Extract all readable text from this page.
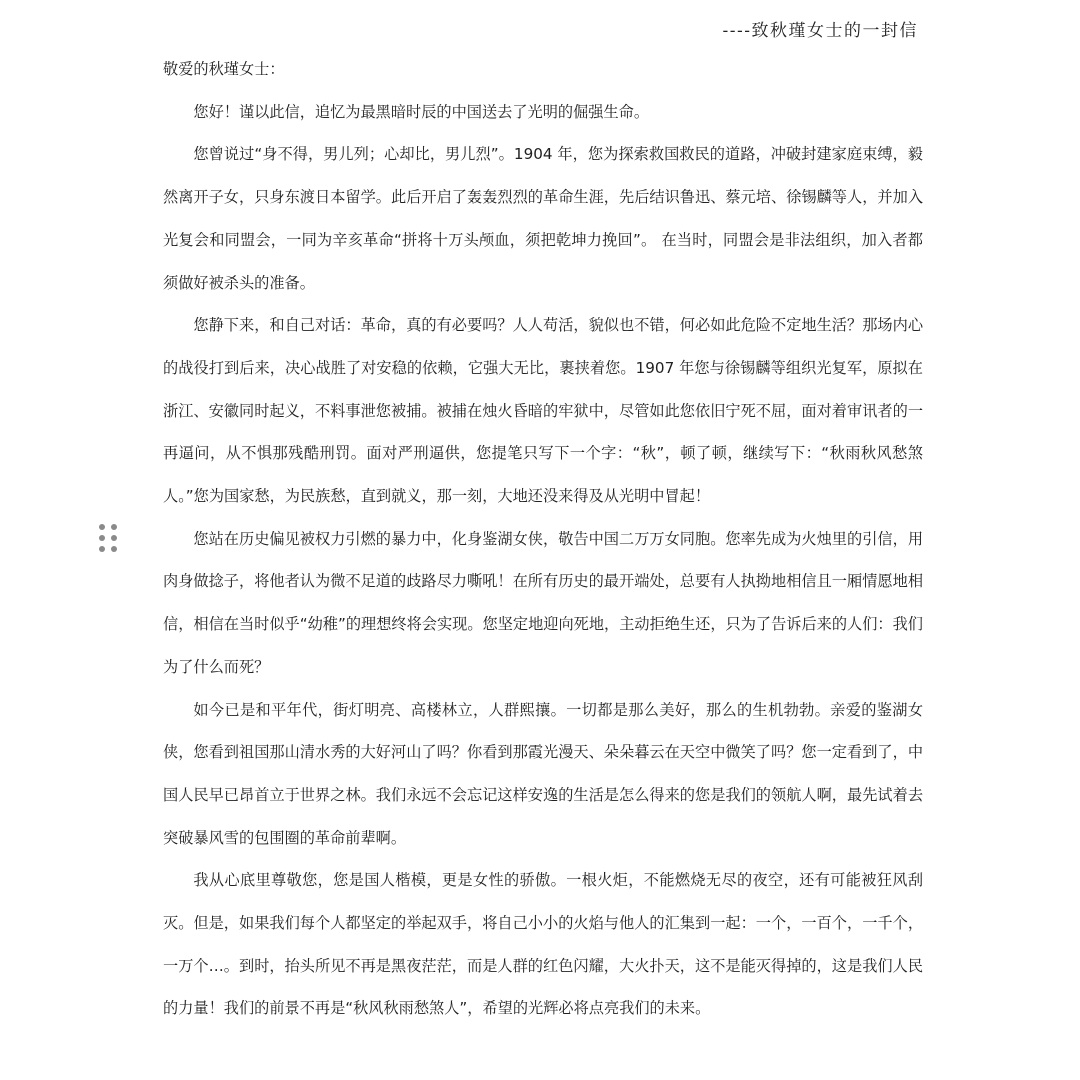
----致秋瑾女士的一封信

敬爱的秋瑾女士：

您好！谨以此信，追忆为最黑暗时辰的中国送去了光明的倔强生命。

您曾说过“身不得，男儿列；心却比，男儿烈”。1904 年，您为探索救国救民的道路，冲破封建家庭束缚，毅然离开子女，只身东渡日本留学。此后开启了轰轰烈烈的革命生涯，先后结识鲁迅、蔡元培、徐锡麟等人，并加入光复会和同盟会，一同为辛亥革命“拼将十万头颅血，须把乾坤力挽回”。 在当时，同盟会是非法组织，加入者都须做好被杀头的准备。

您静下来，和自己对话：革命，真的有必要吗？人人苟活，貌似也不错，何必如此危险不定地生活？那场内心的战役打到后来，决心战胜了对安稳的依赖，它强大无比，裹挟着您。1907 年您与徐锡麟等组织光复军，原拟在浙江、安徽同时起义，不料事泄您被捕。被捕在烛火昏暗的牢狱中，尽管如此您依旧宁死不屈，面对着审讯者的一再逼问，从不惧那残酷刑罚。面对严刑逼供，您提笔只写下一个字：“秋”，顿了顿，继续写下：“秋雨秋风愁煞人。”您为国家愁，为民族愁，直到就义，那一刻，大地还没来得及从光明中冒起！

您站在历史偏见被权力引燃的暴力中，化身鉴湖女侠，敬告中国二万万女同胞。您率先成为火烛里的引信，用肉身做捻子，将他者认为微不足道的歧路尽力嘶吼！在所有历史的最开端处，总要有人执拗地相信且一厢情愿地相信，相信在当时似乎“幼稚”的理想终将会实现。您坚定地迎向死地，主动拒绝生还，只为了告诉后来的人们：我们为了什么而死？

如今已是和平年代，街灯明亮、高楼林立，人群熙攘。一切都是那么美好，那么的生机勃勃。亲爱的鉴湖女侠，您看到祖国那山清水秀的大好河山了吗？你看到那霞光漫天、朵朵暮云在天空中微笑了吗？您一定看到了，中国人民早已昂首立于世界之林。我们永远不会忘记这样安逸的生活是怎么得来的您是我们的领航人啊，最先试着去突破暴风雪的包围圈的革命前辈啊。

我从心底里尊敬您，您是国人楷模，更是女性的骄傲。一根火炬，不能燃烧无尽的夜空，还有可能被狂风刮灭。但是，如果我们每个人都坚定的举起双手，将自己小小的火焰与他人的汇集到一起：一个，一百个，一千个，一万个…。到时，抬头所见不再是黑夜茫茫，而是人群的红色闪耀，大火扑天，这不是能灭得掉的，这是我们人民的力量！我们的前景不再是“秋风秋雨愁煞人”，希望的光辉必将点亮我们的未来。
